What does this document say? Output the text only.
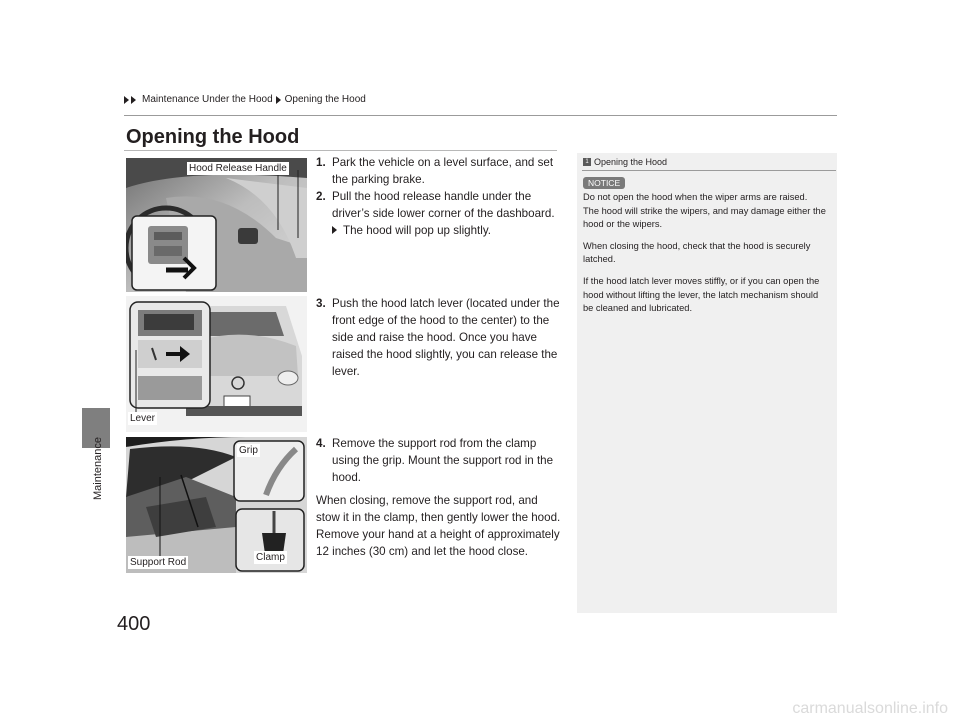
Maintenance Under the Hood Opening the Hood
Opening the Hood
Maintenance
400
Hood Release Handle
Lever
Grip
Clamp
Support Rod
1. Park the vehicle on a level surface, and set the parking brake.
2. Pull the hood release handle under the driver’s side lower corner of the dashboard.
The hood will pop up slightly.
3. Push the hood latch lever (located under the front edge of the hood to the center) to the side and raise the hood. Once you have raised the hood slightly, you can release the lever.
4. Remove the support rod from the clamp using the grip. Mount the support rod in the hood.
When closing, remove the support rod, and stow it in the clamp, then gently lower the hood. Remove your hand at a height of approximately 12 inches (30 cm) and let the hood close.
1 Opening the Hood
NOTICE

Do not open the hood when the wiper arms are raised.

The hood will strike the wipers, and may damage either the hood or the wipers.

When closing the hood, check that the hood is securely latched.

If the hood latch lever moves stiffly, or if you can open the hood without lifting the lever, the latch mechanism should be cleaned and lubricated.

carmanualsonline.info
